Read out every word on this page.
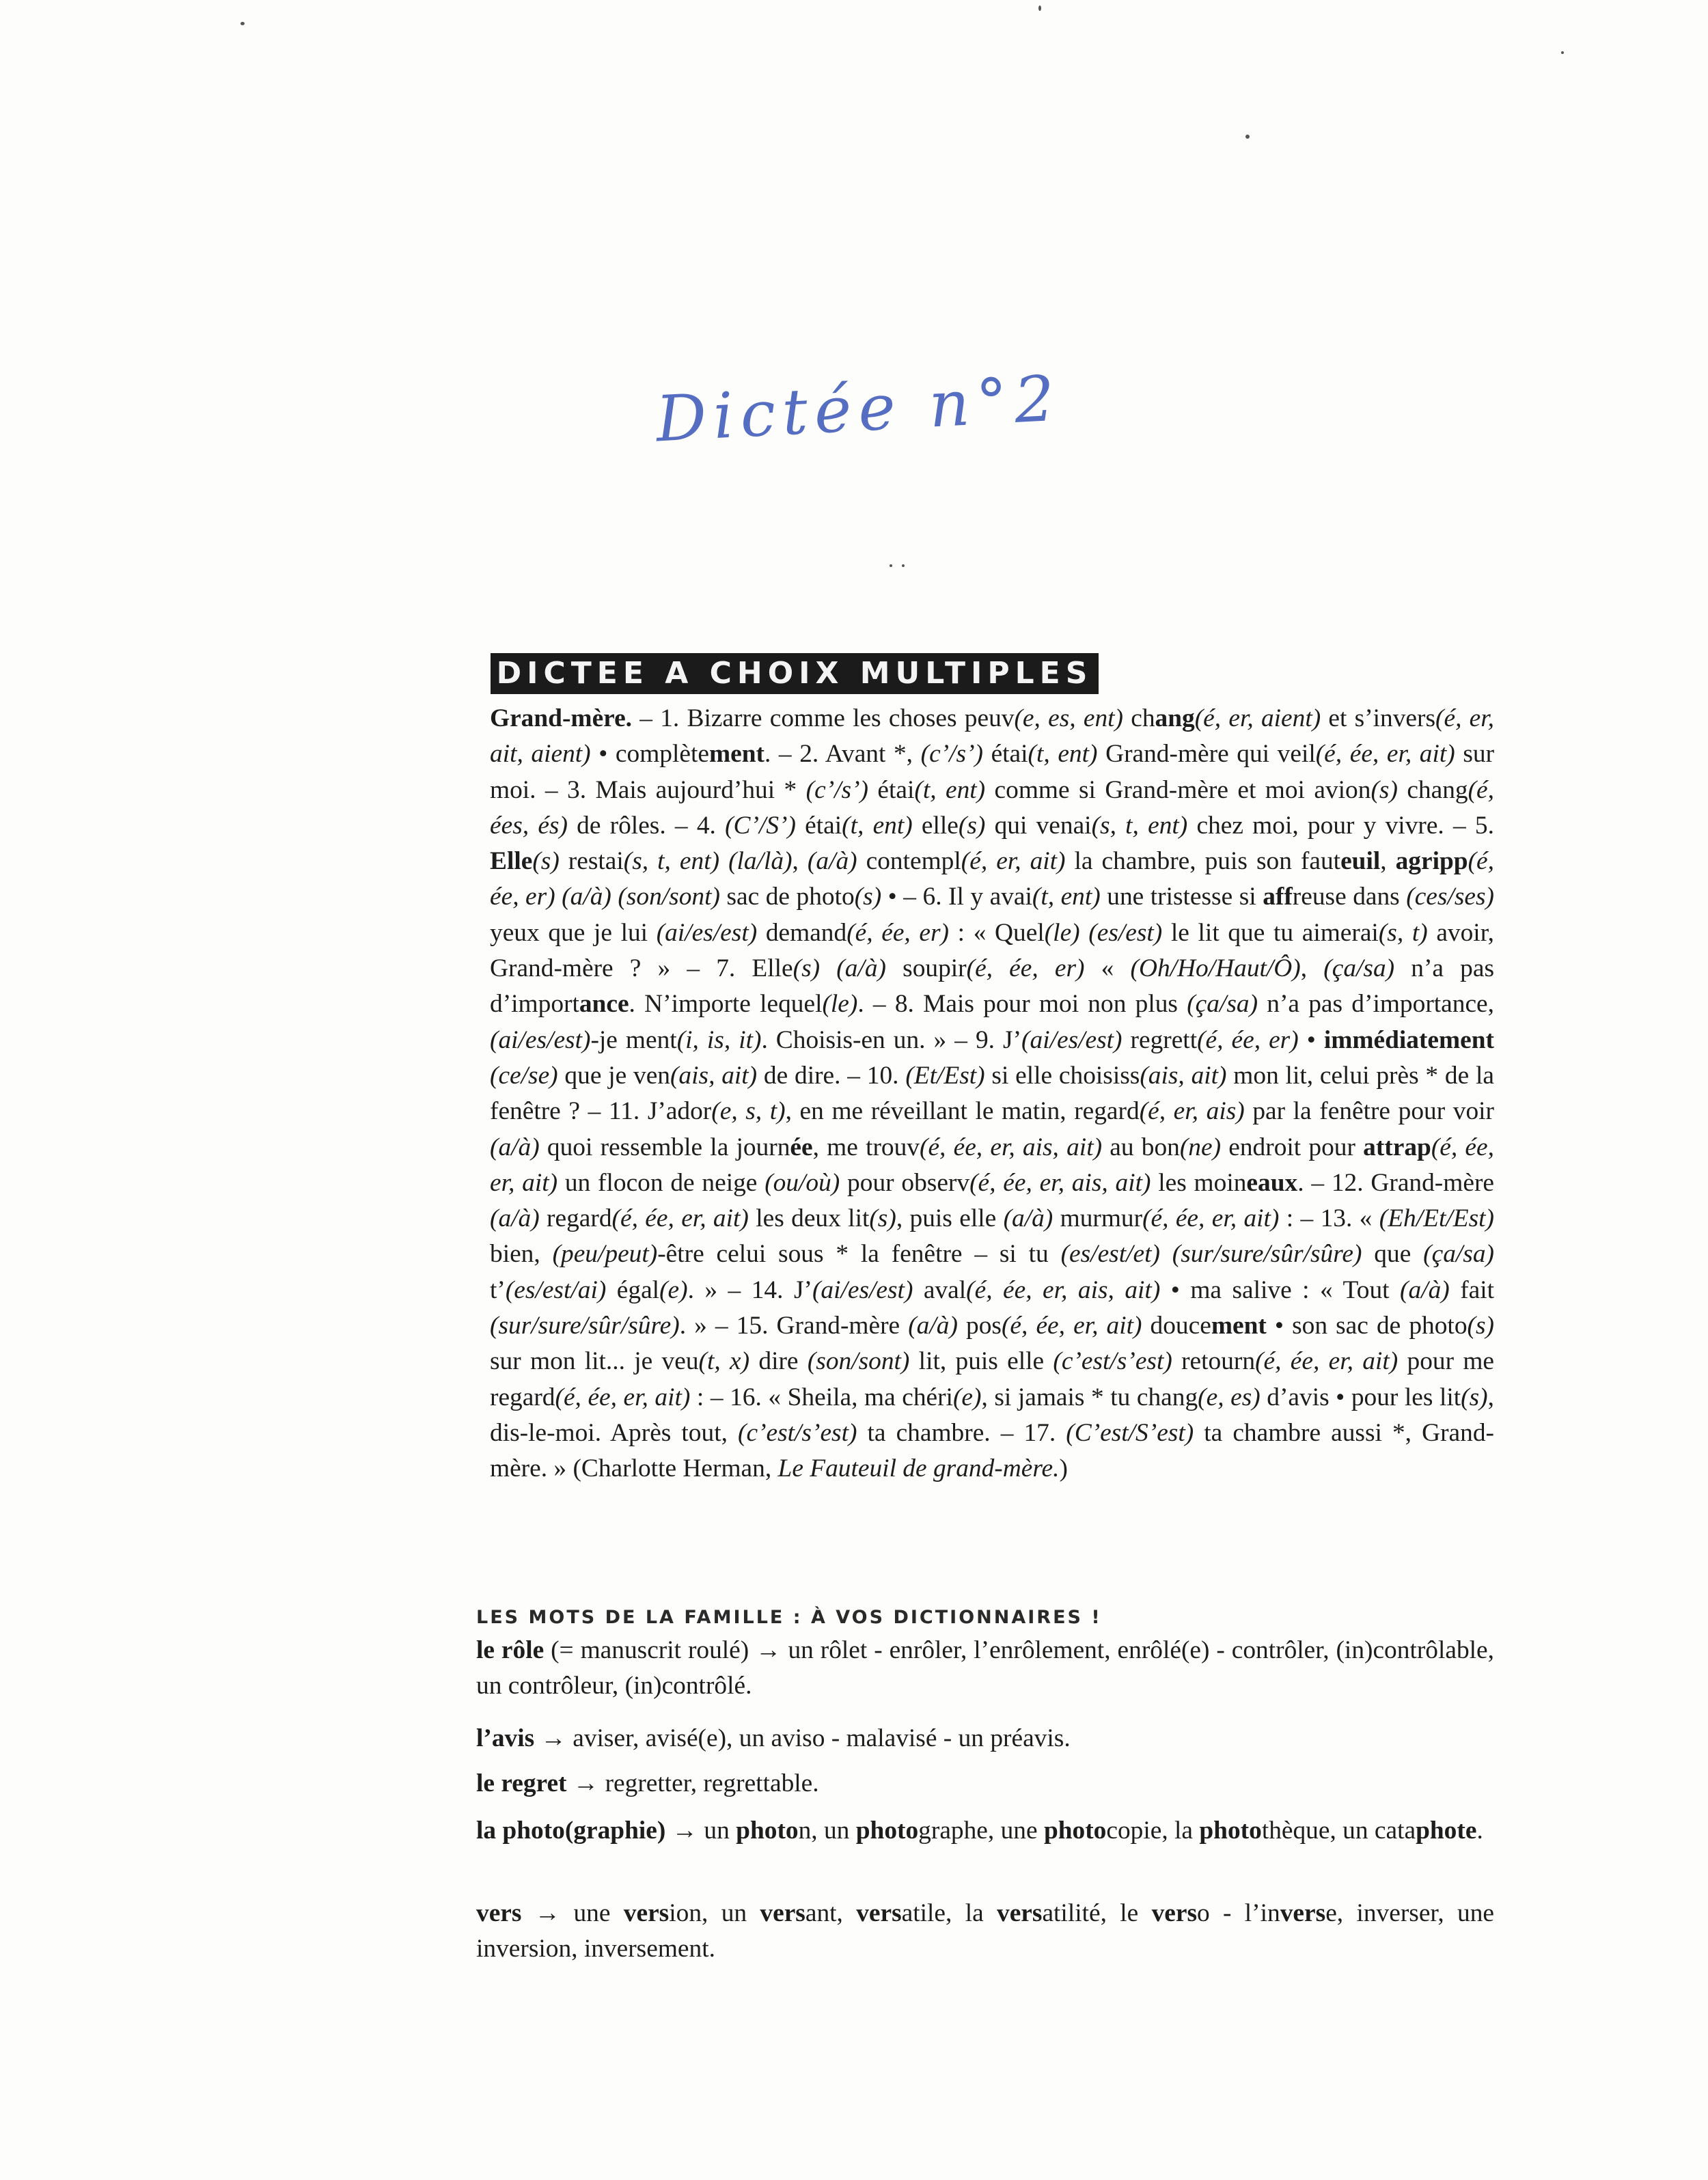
Dictée n°2
DICTEE A CHOIX MULTIPLES

Grand-mère. – 1. Bizarre comme les choses peuv(e, es, ent) chang(é, er, aient) et s’invers(é, er, ait, aient) • complètement. – 2. Avant *, (c’/s’) étai(t, ent) Grand-mère qui veil(é, ée, er, ait) sur moi. – 3. Mais aujourd’hui * (c’/s’) étai(t, ent) comme si Grand-mère et moi avion(s) chang(é, ées, és) de rôles. – 4. (C’/S’) étai(t, ent) elle(s) qui venai(s, t, ent) chez moi, pour y vivre. – 5. Elle(s) restai(s, t, ent) (la/là), (a/à) contempl(é, er, ait) la chambre, puis son fauteuil, agripp(é, ée, er) (a/à) (son/sont) sac de photo(s) • – 6. Il y avai(t, ent) une tristesse si affreuse dans (ces/ses) yeux que je lui (ai/es/est) demand(é, ée, er) : « Quel(le) (es/est) le lit que tu aimerai(s, t) avoir, Grand-mère ? » – 7. Elle(s) (a/à) soupir(é, ée, er) « (Oh/Ho/Haut/Ô), (ça/sa) n’a pas d’importance. N’importe lequel(le). – 8. Mais pour moi non plus (ça/sa) n’a pas d’importance, (ai/es/est)-je ment(i, is, it). Choisis-en un. » – 9. J’(ai/es/est) regrett(é, ée, er) • immédiatement (ce/se) que je ven(ais, ait) de dire. – 10. (Et/Est) si elle choisiss(ais, ait) mon lit, celui près * de la fenêtre ? – 11. J’ador(e, s, t), en me réveillant le matin, regard(é, er, ais) par la fenêtre pour voir (a/à) quoi ressemble la journée, me trouv(é, ée, er, ais, ait) au bon(ne) endroit pour attrap(é, ée, er, ait) un flocon de neige (ou/où) pour observ(é, ée, er, ais, ait) les moineaux. – 12. Grand-mère (a/à) regard(é, ée, er, ait) les deux lit(s), puis elle (a/à) murmur(é, ée, er, ait) : – 13. « (Eh/Et/Est) bien, (peu/peut)-être celui sous * la fenêtre – si tu (es/est/et) (sur/sure/sûr/sûre) que (ça/sa) t’(es/est/ai) égal(e). » – 14. J’(ai/es/est) aval(é, ée, er, ais, ait) • ma salive : « Tout (a/à) fait (sur/sure/sûr/sûre). » – 15. Grand-mère (a/à) pos(é, ée, er, ait) doucement • son sac de photo(s) sur mon lit... je veu(t, x) dire (son/sont) lit, puis elle (c’est/s’est) retourn(é, ée, er, ait) pour me regard(é, ée, er, ait) : – 16. « Sheila, ma chéri(e), si jamais * tu chang(e, es) d’avis • pour les lit(s), dis-le-moi. Après tout, (c’est/s’est) ta chambre. – 17. (C’est/S’est) ta chambre aussi *, Grand-mère. » (Charlotte Herman, Le Fauteuil de grand-mère.)

LES MOTS DE LA FAMILLE : À VOS DICTIONNAIRES !

le rôle (= manuscrit roulé) → un rôlet - enrôler, l’enrôlement, enrôlé(e) - contrôler, (in)contrôlable, un contrôleur, (in)contrôlé.

l’avis → aviser, avisé(e), un aviso - malavisé - un préavis.

le regret → regretter, regrettable.

la photo(graphie) → un photon, un photographe, une photocopie, la photothèque, un cataphote.

vers → une version, un versant, versatile, la versatilité, le verso - l’inverse, inverser, une inversion, inversement.
